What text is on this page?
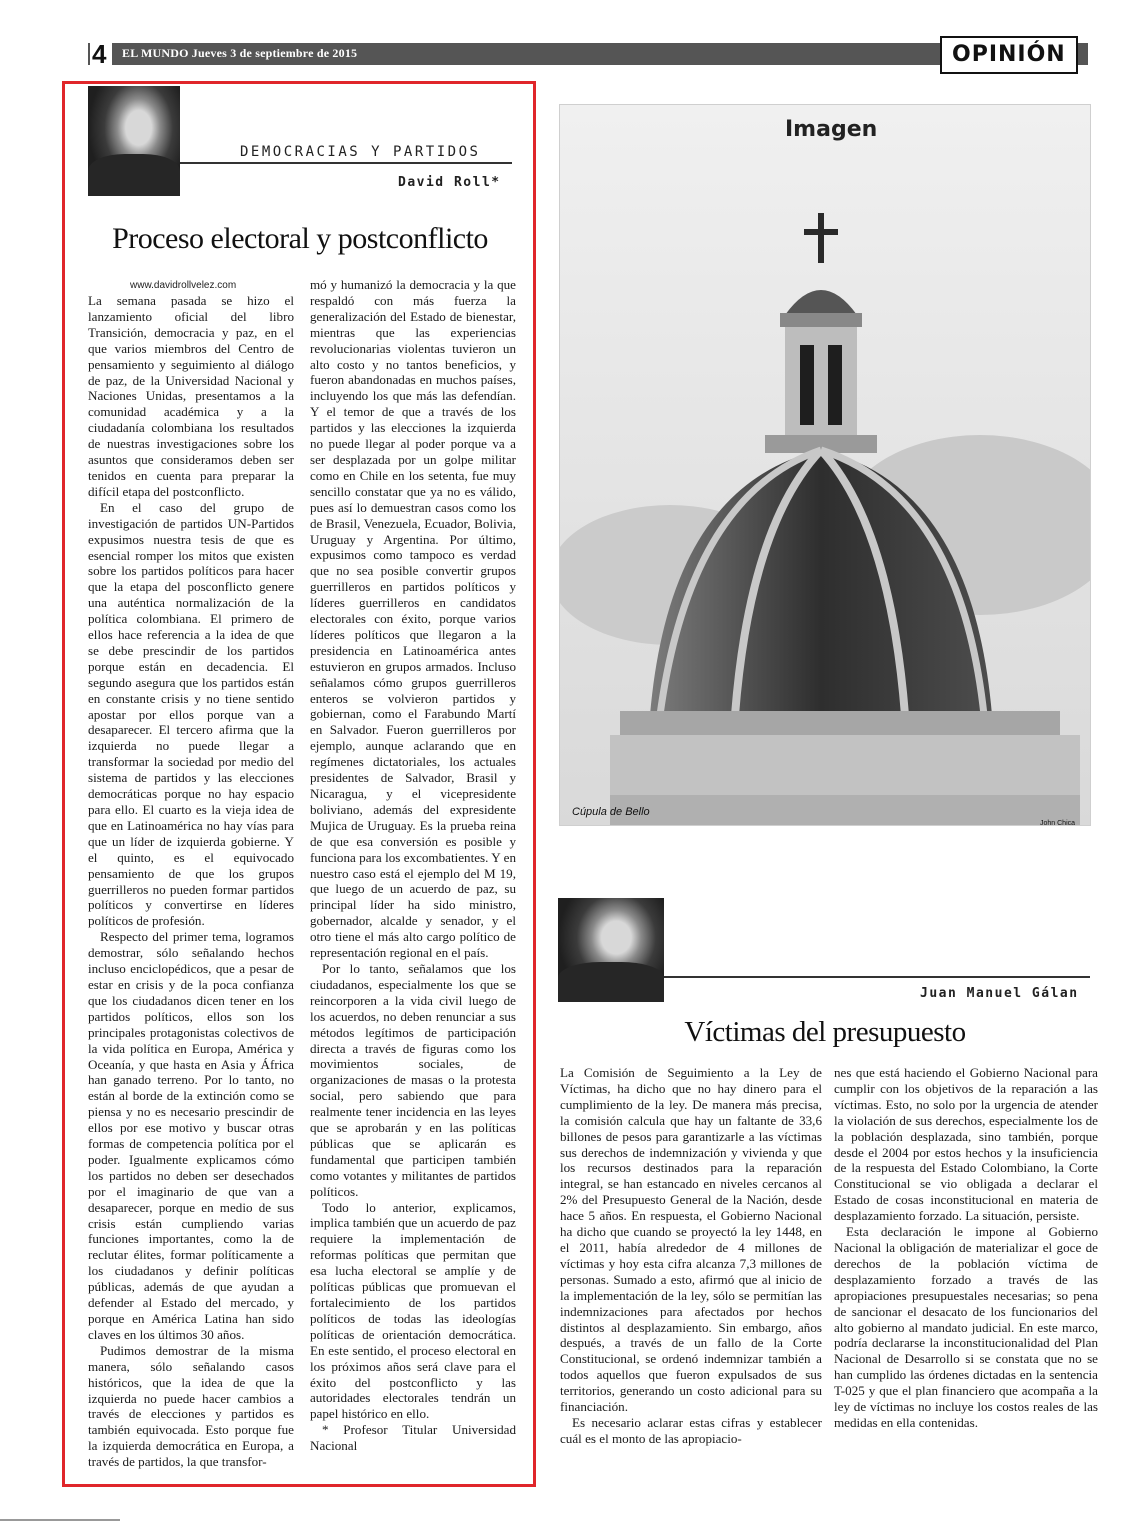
4	EL MUNDO Jueves 3 de septiembre de 2015	OPINIÓN
DEMOCRACIAS Y PARTIDOS
David Roll*
Proceso electoral y postconflicto
www.davidrollvelez.com

La semana pasada se hizo el lanzamiento oficial del libro Transición, democracia y paz, en el que varios miembros del Centro de pensamiento y seguimiento al diálogo de paz, de la Universidad Nacional y Naciones Unidas, presentamos a la comunidad académica y a la ciudadanía colombiana los resultados de nuestras investigaciones sobre los asuntos que consideramos deben ser tenidos en cuenta para preparar la difícil etapa del postconflicto.

En el caso del grupo de investigación de partidos UN-Partidos expusimos nuestra tesis de que es esencial romper los mitos que existen sobre los partidos políticos para hacer que la etapa del posconflicto genere una auténtica normalización de la política colombiana. El primero de ellos hace referencia a la idea de que se debe prescindir de los partidos porque están en decadencia. El segundo asegura que los partidos están en constante crisis y no tiene sentido apostar por ellos porque van a desaparecer. El tercero afirma que la izquierda no puede llegar a transformar la sociedad por medio del sistema de partidos y las elecciones democráticas porque no hay espacio para ello. El cuarto es la vieja idea de que en Latinoamérica no hay vías para que un líder de izquierda gobierne. Y el quinto, es el equivocado pensamiento de que los grupos guerrilleros no pueden formar partidos políticos y convertirse en líderes políticos de profesión.

Respecto del primer tema, logramos demostrar, sólo señalando hechos incluso enciclopédicos, que a pesar de estar en crisis y de la poca confianza que los ciudadanos dicen tener en los partidos políticos, ellos son los principales protagonistas colectivos de la vida política en Europa, América y Oceanía, y que hasta en Asia y África han ganado terreno. Por lo tanto, no están al borde de la extinción como se piensa y no es necesario prescindir de ellos por ese motivo y buscar otras formas de competencia política por el poder. Igualmente explicamos cómo los partidos no deben ser desechados por el imaginario de que van a desaparecer, porque en medio de sus crisis están cumpliendo varias funciones importantes, como la de reclutar élites, formar políticamente a los ciudadanos y definir políticas públicas, además de que ayudan a defender al Estado del mercado, y porque en América Latina han sido claves en los últimos 30 años.

Pudimos demostrar de la misma manera, sólo señalando casos históricos, que la idea de que la izquierda no puede hacer cambios a través de elecciones y partidos es también equivocada. Esto porque fue la izquierda democrática en Europa, a través de partidos, la que transfor-

mó y humanizó la democracia y la que respaldó con más fuerza la generalización del Estado de bienestar, mientras que las experiencias revolucionarias violentas tuvieron un alto costo y no tantos beneficios, y fueron abandonadas en muchos países, incluyendo los que más las defendían. Y el temor de que a través de los partidos y las elecciones la izquierda no puede llegar al poder porque va a ser desplazada por un golpe militar como en Chile en los setenta, fue muy sencillo constatar que ya no es válido, pues así lo demuestran casos como los de Brasil, Venezuela, Ecuador, Bolivia, Uruguay y Argentina. Por último, expusimos como tampoco es verdad que no sea posible convertir grupos guerrilleros en partidos políticos y líderes guerrilleros en candidatos electorales con éxito, porque varios líderes políticos que llegaron a la presidencia en Latinoamérica antes estuvieron en grupos armados. Incluso señalamos cómo grupos guerrilleros enteros se volvieron partidos y gobiernan, como el Farabundo Martí en Salvador. Fueron guerrilleros por ejemplo, aunque aclarando que en regímenes dictatoriales, los actuales presidentes de Salvador, Brasil y Nicaragua, y el vicepresidente boliviano, además del expresidente Mujica de Uruguay. Es la prueba reina de que esa conversión es posible y funciona para los excombatientes. Y en nuestro caso está el ejemplo del M 19, que luego de un acuerdo de paz, su principal líder ha sido ministro, gobernador, alcalde y senador, y el otro tiene el más alto cargo político de representación regional en el país.

Por lo tanto, señalamos que los ciudadanos, especialmente los que se reincorporen a la vida civil luego de los acuerdos, no deben renunciar a sus métodos legítimos de participación directa a través de figuras como los movimientos sociales, de organizaciones de masas o la protesta social, pero sabiendo que para realmente tener incidencia en las leyes que se aprobarán y en las políticas públicas que se aplicarán es fundamental que participen también como votantes y militantes de partidos políticos.

Todo lo anterior, explicamos, implica también que un acuerdo de paz requiere la implementación de reformas políticas que permitan que esa lucha electoral se amplíe y de políticas públicas que promuevan el fortalecimiento de los partidos políticos de todas las ideologías políticas de orientación democrática. En este sentido, el proceso electoral en los próximos años será clave para el éxito del postconflicto y las autoridades electorales tendrán un papel histórico en ello.

* Profesor Titular Universidad Nacional

Imagen
Cúpula de Bello
John Chica
Juan Manuel Gálan
Víctimas del presupuesto

La Comisión de Seguimiento a la Ley de Víctimas, ha dicho que no hay dinero para el cumplimiento de la ley. De manera más precisa, la comisión calcula que hay un faltante de 33,6 billones de pesos para garantizarle a las víctimas sus derechos de indemnización y vivienda y que los recursos destinados para la reparación integral, se han estancado en niveles cercanos al 2% del Presupuesto General de la Nación, desde hace 5 años. En respuesta, el Gobierno Nacional ha dicho que cuando se proyectó la ley 1448, en el 2011, había alrededor de 4 millones de víctimas y hoy esta cifra alcanza 7,3 millones de personas. Sumado a esto, afirmó que al inicio de la implementación de la ley, sólo se permitían las indemnizaciones para afectados por hechos distintos al desplazamiento. Sin embargo, años después, a través de un fallo de la Corte Constitucional, se ordenó indemnizar también a todos aquellos que fueron expulsados de sus territorios, generando un costo adicional para su financiación.

Es necesario aclarar estas cifras y establecer cuál es el monto de las apropiacio-

nes que está haciendo el Gobierno Nacional para cumplir con los objetivos de la reparación a las víctimas. Esto, no solo por la urgencia de atender la violación de sus derechos, especialmente los de la población desplazada, sino también, porque desde el 2004 por estos hechos y la insuficiencia de la respuesta del Estado Colombiano, la Corte Constitucional se vio obligada a declarar el Estado de cosas inconstitucional en materia de desplazamiento forzado. La situación, persiste.

Esta declaración le impone al Gobierno Nacional la obligación de materializar el goce de derechos de la población víctima de desplazamiento forzado a través de las apropiaciones presupuestales necesarias; so pena de sancionar el desacato de los funcionarios del alto gobierno al mandato judicial. En este marco, podría declararse la inconstitucionalidad del Plan Nacional de Desarrollo si se constata que no se han cumplido las órdenes dictadas en la sentencia T-025 y que el plan financiero que acompaña a la ley de víctimas no incluye los costos reales de las medidas en ella contenidas.
